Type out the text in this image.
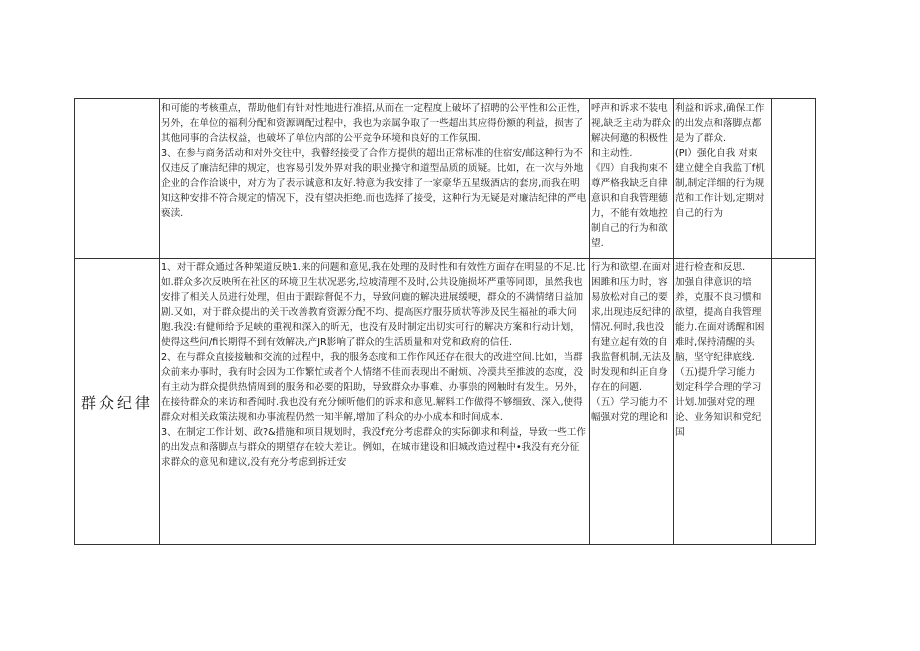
和可能的考核重点，帮助他们有针对性地进行准招,从而在一定程度上破坏了招聘的公平性和公正性，另外，在单位的福利分配和资源调配过程中，我也为亲属争取了一些超出其应得份额的利益，损害了其他同事的合法权益，也破坏了单位内部的公平竞争环境和良好的工作氛围.

3、在参与商务活动和对外交往中，我瞽经接受了合作方提供的超出正常标准的住宿安/邮这种行为不仅违反了廉洁纪律的规定，也容易引发外界对我的职业操守和道型品质的质疑。比如，在一次与外地企业的合作洽谈中，对方为了表示诚意和友好.特意为我安排了一家豪华五星级酒店的套房,而我在明知这种安排不符合规定的情况下，没有望决拒绝.而也选择了接受，这种行为无疑是对廉洁纪律的严电亵渎.

呼声和诉求不装电视,缺乏主动为群众解决何邀的积极性和主动性.
《四）自我拘束不尊严格我缺乏自律意识和自我管理德力，不能有效地控制自己的行为和欲望.
利益和诉求,确保工作的出发点和落脚点都是为了群众.
(PI）强化自我 对束
建立健全自我监丁f机制,制定洋细的行为规范和工作计划,定期对自己的行为
群众纪律

1、对干群众通过各种架道反映1.来的问题和意见,我在处理的及时性和有效性方面存在明显的不足.比如.群众多次反映所在社区的环境卫生状况恶劣,垃坡清理不及时,公共设施损坏严重等同即，虽然我也安排了相关人员进行处理，但由于跟踪督促不力，导致问鹿的解决进展缓哽，群众的不满情绪日益加剧.又如，对于群众提出的关干改善教育资源分配不均、提高医疗服芬质状等涉及民生福祉的乖大问胞.我没:有健师给予足峡的重视和深入的昕无，也没有及时制定出切实可行的解决方案和行动计划，使得这些问/fi长期得不到有效解决,产JR影响了群众的生活质量和对党和政府的信任.

2、在与群众直接接触和交流的过程中，我的服务态度和工作作风还存在很大的改进空间.比如，当群众前来办事时，我有时会因为工作繁忙或者个人情绪不佳而表现出不耐烦、冷漠共至推波的态度，没有主动为群众提供热情周到的服务和必要的阳助，导致群众办事难、办事祟的网触时有发生。另外，在接待群众的来访和香闻时.我也没有充分倾听他们的诉求和意见.解料工作做得不够细致、深入,使得群众对相关政策法规和办事流程仍然一知半解,增加了科众的办小成本和时间成本.

3、在制定工作计划、政?&措施和项目规划时，我没f充分考虑群众的实际御求和利益，导致一些工作的出发点和落脚点与群众的期望存在较大差让。例如，在城市建设和旧城改造过程中•我没有充分征求群众的意见和建议,没有充分考虑到拆迁安

行为和欲望.在面对困雎和压力时，容易放松对自己的要求,出现违反纪律的情况.何时,我也没有建立起有效的自我监督机制,无法及时发现和纠正自身存在的问题.
（五）学习能力不幅强对党的理论和
进行检查和反思.
加强自律意识的培养，克服不良习惯和欲望，提高自我管理能力.在面对诱醒和困难时,保持清醒的头脑，坚守纪律底线.
（五)提升学习能力
划定科学合理的学习计划.加强对党的理论、业务知识和党纪国
